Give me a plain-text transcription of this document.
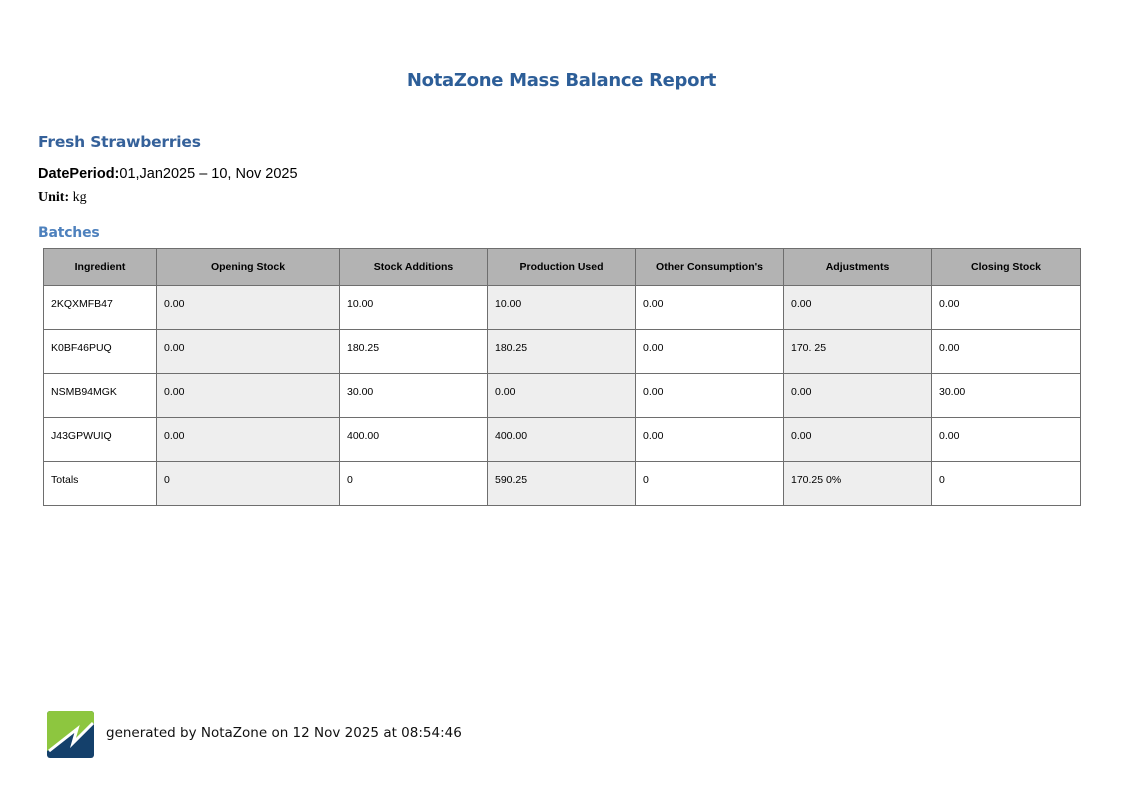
NotaZone Mass Balance Report
Fresh Strawberries
DatePeriod:01,Jan2025 – 10, Nov 2025
Unit: kg
Batches
Ingredient	Opening Stock	Stock Additions	Production Used	Other Consumption's	Adjustments	Closing Stock
2KQXMFB47	0.00	10.00	10.00	0.00	0.00	0.00
K0BF46PUQ	0.00	180.25	180.25	0.00	170. 25	0.00
NSMB94MGK	0.00	30.00	0.00	0.00	0.00	30.00
J43GPWUIQ	0.00	400.00	400.00	0.00	0.00	0.00
Totals	0	0	590.25	0	170.25 0%	0
generated by NotaZone on 12 Nov 2025 at 08:54:46
